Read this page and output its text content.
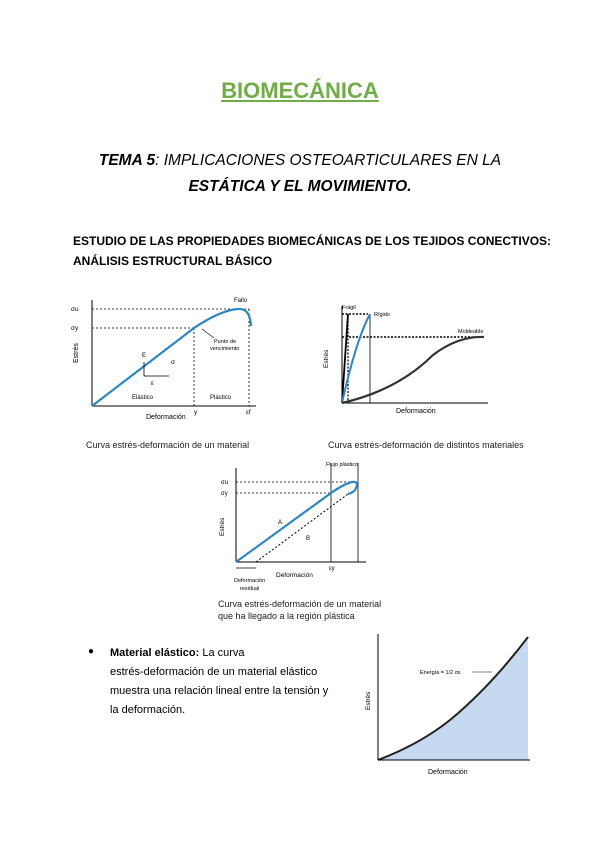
BIOMECÁNICA
TEMA 5: IMPLICACIONES OSTEOARTICULARES EN LA
ESTÁTICA Y EL MOVIMIENTO.
ESTUDIO DE LAS PROPIEDADES BIOMECÁNICAS DE LOS TEJIDOS CONECTIVOS:
ANÁLISIS ESTRUCTURAL BÁSICO
Estrés
σu
σy
Fallo
Punto de
vencimiento
E
σ
ε
Elástico	Plástico
y	εf
Deformación
Curva estrés-deformación de un material
Frágil
Rígido
Moldeable
Estrés
Deformación
Curva estrés-deformación de distintos materiales
Flujo plástico
σu
σy
A
B
εy
Estrés
Deformación
Deformación
residual
Curva estrés-deformación de un material
que ha llegado a la región plástica
● Material elástico: La curva
estrés-deformación de un material elástico
muestra una relación lineal entre la tensión y
la deformación.
Energía = 1/2 σε
Estrés
Deformación
